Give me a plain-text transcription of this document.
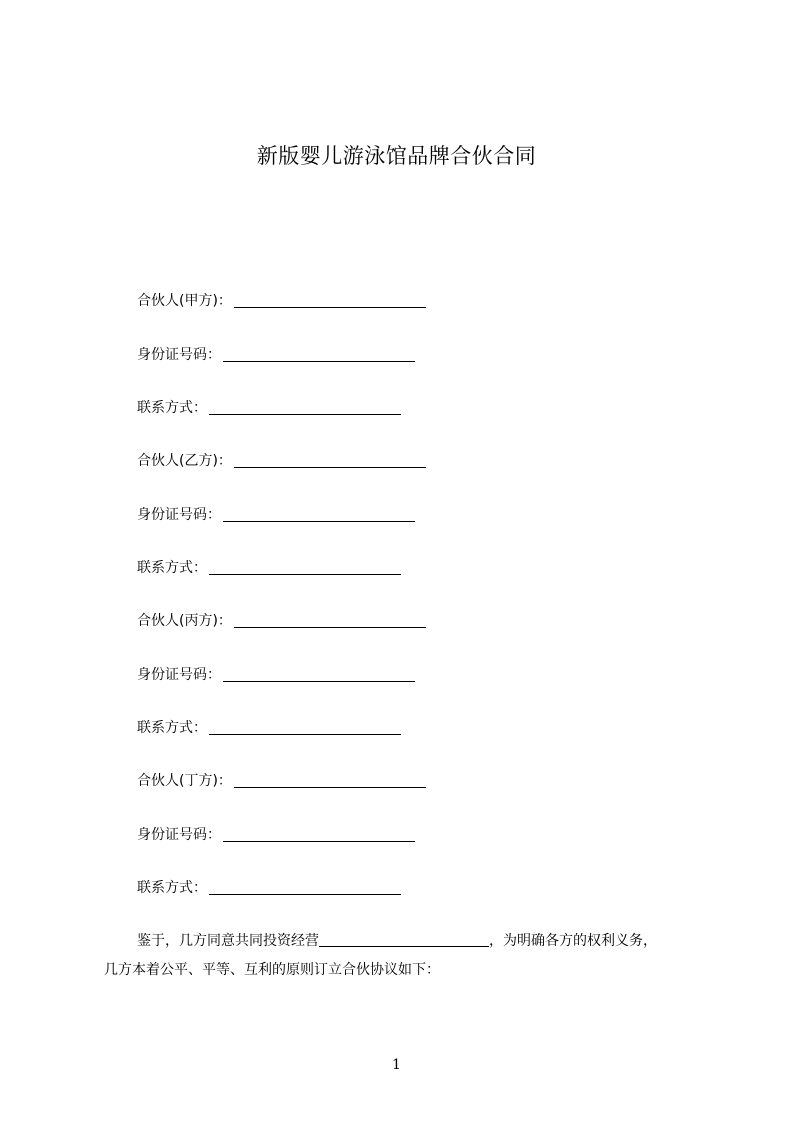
新版婴儿游泳馆品牌合伙合同
合伙人(甲方)：
身份证号码：
联系方式：
合伙人(乙方)：
身份证号码：
联系方式：
合伙人(丙方)：
身份证号码：
联系方式：
合伙人(丁方)：
身份证号码：
联系方式：
鉴于，几方同意共同投资经营	，为明确各方的权利义务，
几方本着公平、平等、互利的原则订立合伙协议如下：
1
